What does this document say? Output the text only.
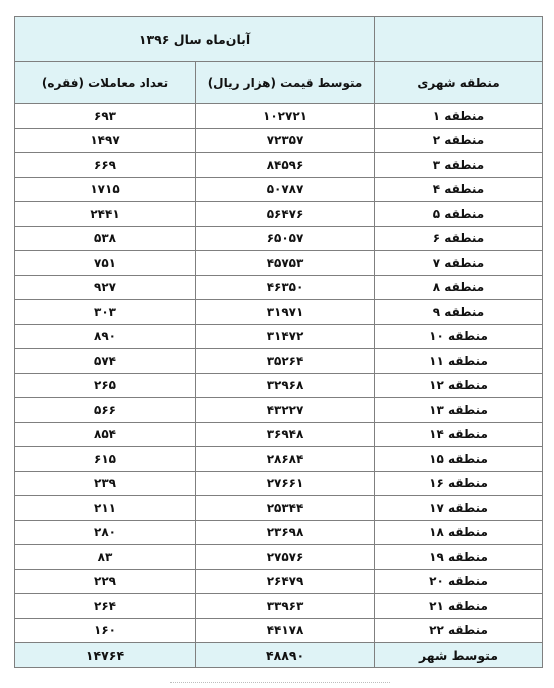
	آبان‌ماه سال ۱۳۹۶	
منطقه شهری	متوسط قیمت (هزار ریال)	تعداد معاملات (فقره)
منطقه ۱	۱۰۲۷۲۱	۶۹۳
منطقه ۲	۷۲۳۵۷	۱۴۹۷
منطقه ۳	۸۴۵۹۶	۶۶۹
منطقه ۴	۵۰۷۸۷	۱۷۱۵
منطقه ۵	۵۶۴۷۶	۲۴۴۱
منطقه ۶	۶۵۰۵۷	۵۳۸
منطقه ۷	۴۵۷۵۳	۷۵۱
منطقه ۸	۴۶۳۵۰	۹۲۷
منطقه ۹	۳۱۹۷۱	۳۰۳
منطقه ۱۰	۳۱۴۷۲	۸۹۰
منطقه ۱۱	۳۵۲۶۴	۵۷۴
منطقه ۱۲	۳۲۹۶۸	۲۶۵
منطقه ۱۳	۴۳۲۲۷	۵۶۶
منطقه ۱۴	۳۶۹۴۸	۸۵۴
منطقه ۱۵	۲۸۶۸۴	۶۱۵
منطقه ۱۶	۲۷۶۶۱	۲۳۹
منطقه ۱۷	۲۵۳۴۴	۲۱۱
منطقه ۱۸	۲۳۶۹۸	۲۸۰
منطقه ۱۹	۲۷۵۷۶	۸۳
منطقه ۲۰	۲۶۴۷۹	۲۲۹
منطقه ۲۱	۳۳۹۶۳	۲۶۴
منطقه ۲۲	۴۴۱۷۸	۱۶۰
متوسط شهر	۴۸۸۹۰	۱۴۷۶۴
